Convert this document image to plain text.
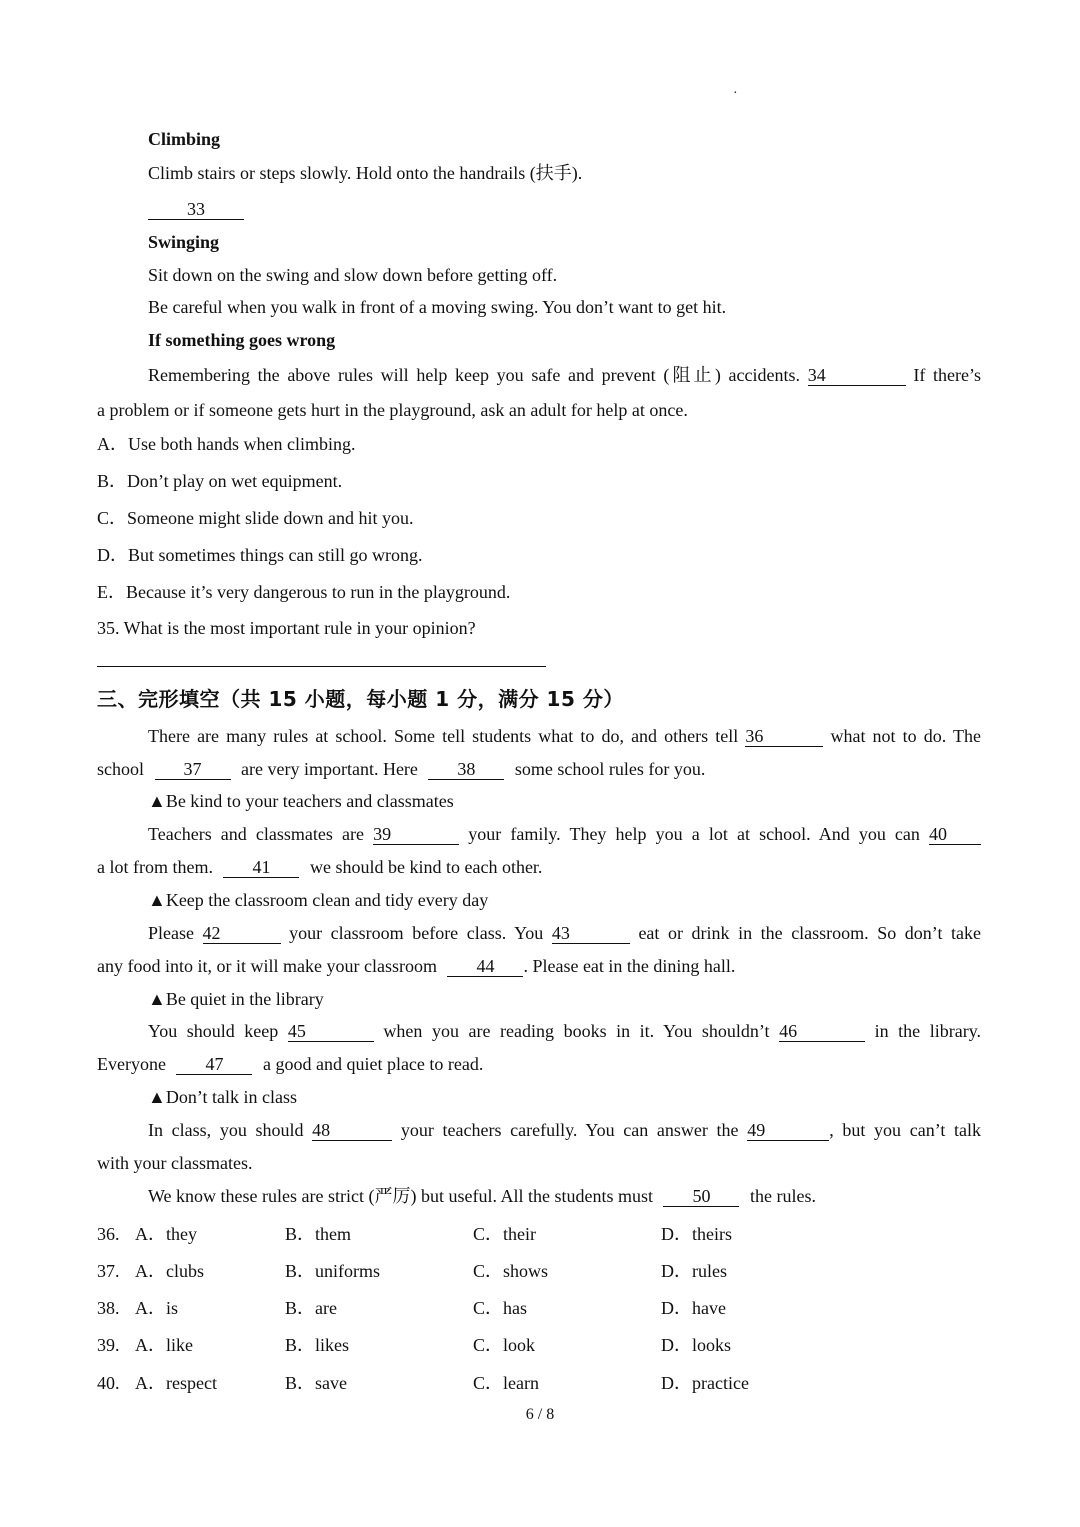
·
Climbing
Climb stairs or steps slowly. Hold onto the handrails (扶手).
33
Swinging
Sit down on the swing and slow down before getting off.
Be careful when you walk in front of a moving swing. You don’t want to get hit.
If something goes wrong
Remembering the above rules will help keep you safe and prevent (阻止) accidents. 34	If there’s
a problem or if someone gets hurt in the playground, ask an adult for help at once.
A．Use both hands when climbing.
B．Don’t play on wet equipment.
C．Someone might slide down and hit you.
D．But sometimes things can still go wrong.
E．Because it’s very dangerous to run in the playground.
35. What is the most important rule in your opinion?
三、完形填空（共 15 小题，每小题 1 分，满分 15 分）
There are many rules at school. Some tell students what to do, and others tell 36	what not to do. The
school 37 are very important. Here 38 some school rules for you.
▲Be kind to your teachers and classmates
Teachers and classmates are 39	your family. They help you a lot at school. And you can 40
a lot from them. 41 we should be kind to each other.
▲Keep the classroom clean and tidy every day
Please 42	your classroom before class. You 43	eat or drink in the classroom. So don’t take
any food into it, or it will make your classroom 44 . Please eat in the dining hall.
▲Be quiet in the library
You should keep 45	when you are reading books in it. You shouldn’t 46	in the library.
Everyone 47 a good and quiet place to read.
▲Don’t talk in class
In class, you should 48	your teachers carefully. You can answer the 49	, but you can’t talk
with your classmates.
We know these rules are strict (严厉) but useful. All the students must 50 the rules.
36. A．they	B．them	C．their	D．theirs
37. A．clubs	B．uniforms	C．shows	D．rules
38. A．is	B．are	C．has	D．have
39. A．like	B．likes	C．look	D．looks
40. A．respect	B．save	C．learn	D．practice
6 / 8
